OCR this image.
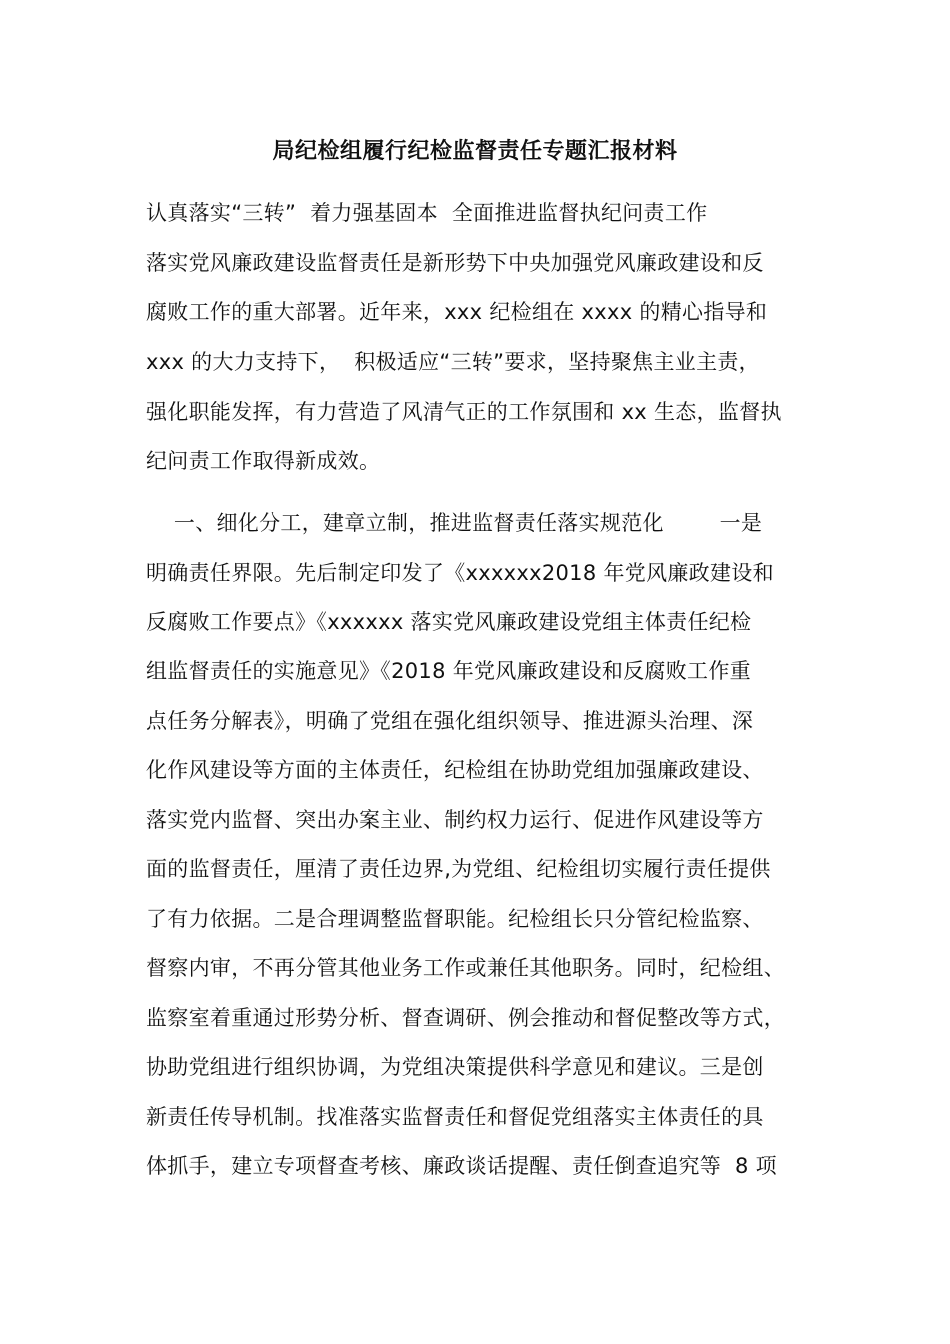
局纪检组履行纪检监督责任专题汇报材料
认真落实“三转”  着力强基固本  全面推进监督执纪问责工作
落实党风廉政建设监督责任是新形势下中央加强党风廉政建设和反
腐败工作的重大部署。近年来，xxx 纪检组在 xxxx 的精心指导和
xxx 的大力支持下，  积极适应“三转”要求，坚持聚焦主业主责，
强化职能发挥，有力营造了风清气正的工作氛围和 xx 生态，监督执
纪问责工作取得新成效。
一、细化分工，建章立制，推进监督责任落实规范化        一是
明确责任界限。先后制定印发了《xxxxxx2018 年党风廉政建设和
反腐败工作要点》《xxxxxx 落实党风廉政建设党组主体责任纪检
组监督责任的实施意见》《2018 年党风廉政建设和反腐败工作重
点任务分解表》，明确了党组在强化组织领导、推进源头治理、深
化作风建设等方面的主体责任，纪检组在协助党组加强廉政建设、
落实党内监督、突出办案主业、制约权力运行、促进作风建设等方
面的监督责任，厘清了责任边界,为党组、纪检组切实履行责任提供
了有力依据。二是合理调整监督职能。纪检组长只分管纪检监察、
督察内审，不再分管其他业务工作或兼任其他职务。同时，纪检组、
监察室着重通过形势分析、督查调研、例会推动和督促整改等方式，
协助党组进行组织协调，为党组决策提供科学意见和建议。三是创
新责任传导机制。找准落实监督责任和督促党组落实主体责任的具
体抓手，建立专项督查考核、廉政谈话提醒、责任倒查追究等  8 项
